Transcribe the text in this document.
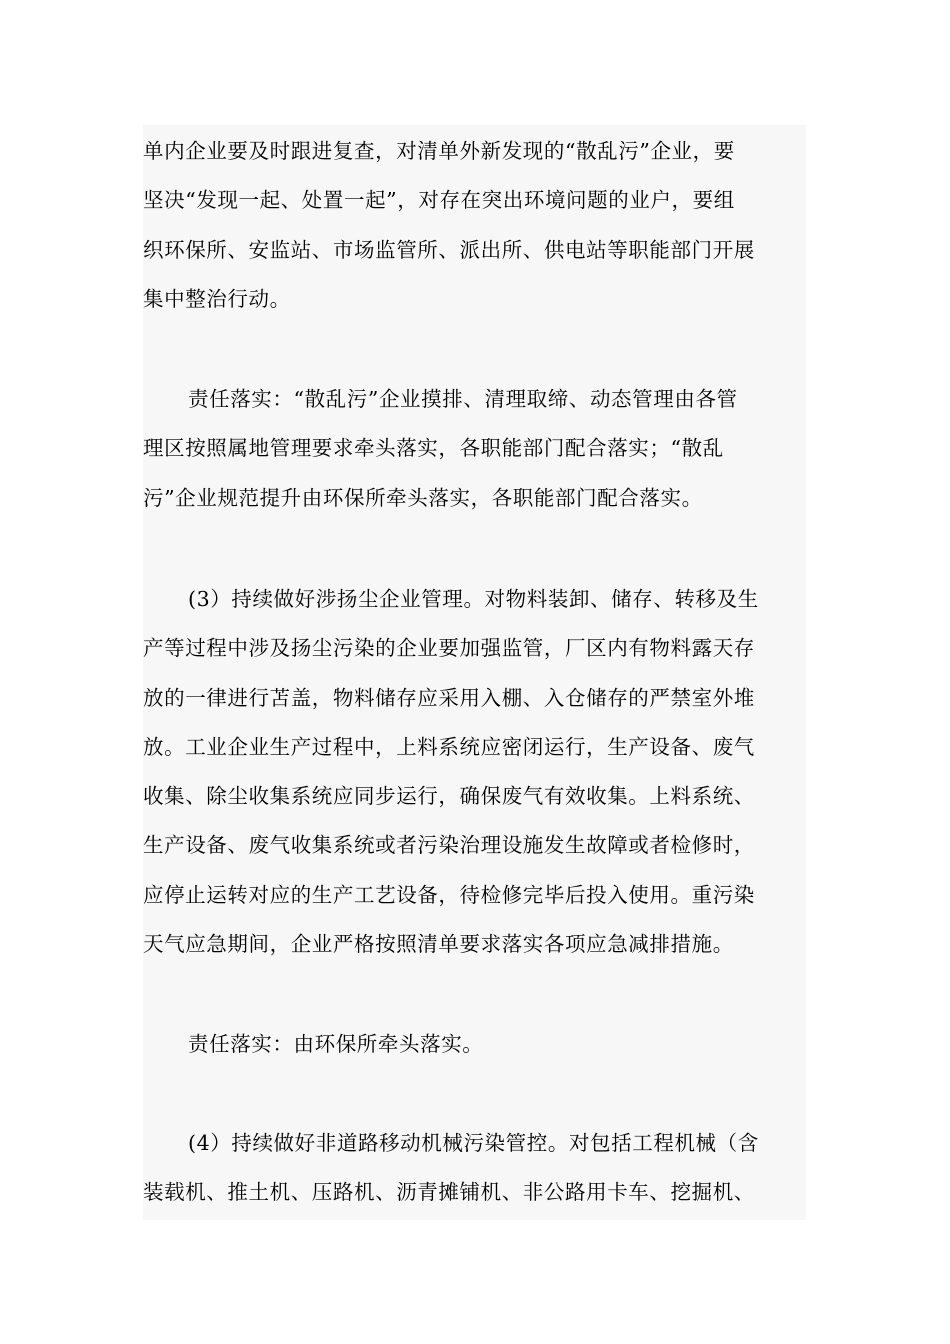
单内企业要及时跟进复查，对清单外新发现的“散乱污”企业，要
坚决“发现一起、处置一起”，对存在突出环境问题的业户，要组
织环保所、安监站、市场监管所、派出所、供电站等职能部门开展
集中整治行动。
责任落实：“散乱污”企业摸排、清理取缔、动态管理由各管
理区按照属地管理要求牵头落实，各职能部门配合落实；“散乱
污”企业规范提升由环保所牵头落实，各职能部门配合落实。
(3）持续做好涉扬尘企业管理。对物料装卸、储存、转移及生
产等过程中涉及扬尘污染的企业要加强监管，厂区内有物料露天存
放的一律进行苫盖，物料储存应采用入棚、入仓储存的严禁室外堆
放。工业企业生产过程中，上料系统应密闭运行，生产设备、废气
收集、除尘收集系统应同步运行，确保废气有效收集。上料系统、
生产设备、废气收集系统或者污染治理设施发生故障或者检修时，
应停止运转对应的生产工艺设备，待检修完毕后投入使用。重污染
天气应急期间，企业严格按照清单要求落实各项应急减排措施。
责任落实：由环保所牵头落实。
(4）持续做好非道路移动机械污染管控。对包括工程机械（含
装载机、推土机、压路机、沥青摊铺机、非公路用卡车、挖掘机、
